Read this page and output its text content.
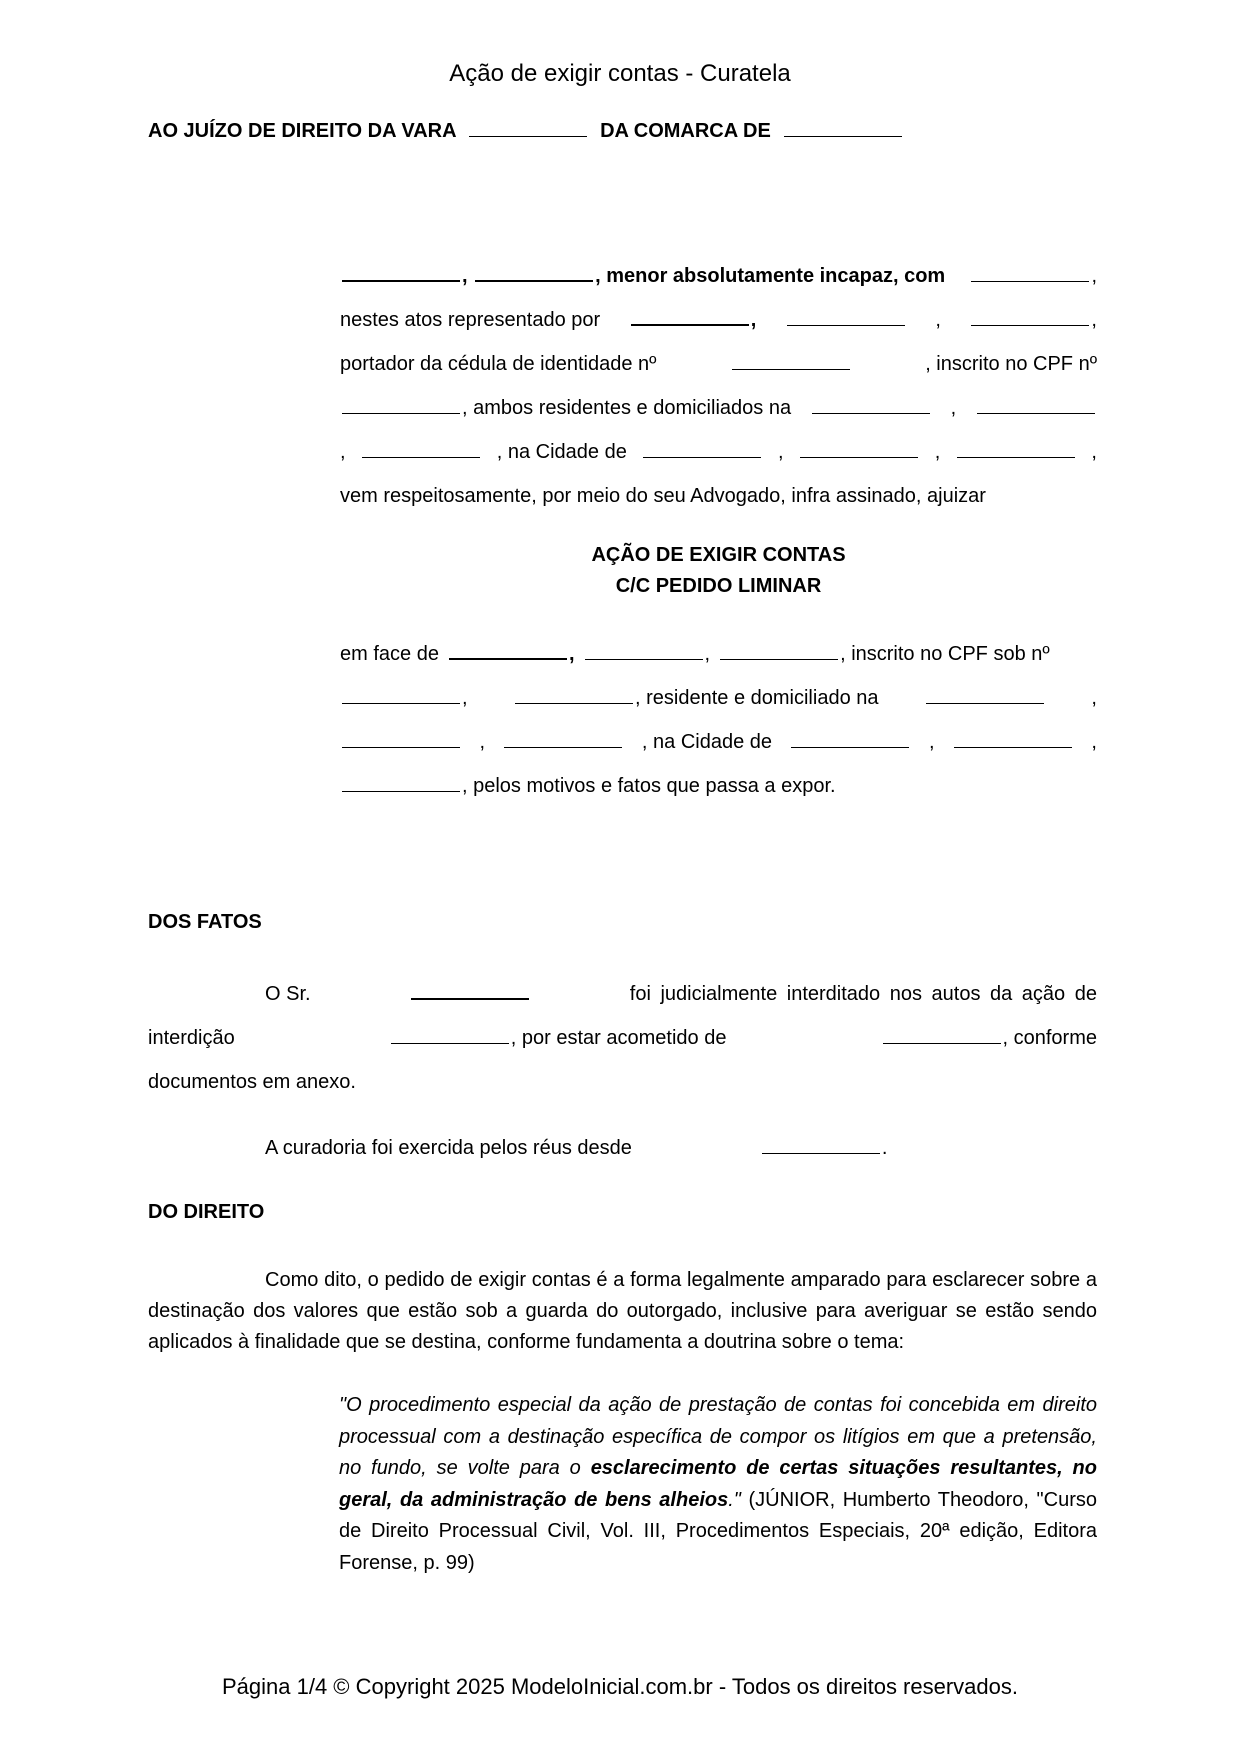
Ação de exigir contas - Curatela
AO JUÍZO DE DIREITO DA VARA	DA COMARCA DE
,	, menor absolutamente incapaz, com	,
nestes atos representado por	,	,	,
portador da cédula de identidade nº	, inscrito no CPF nº
, ambos residentes e domiciliados na	,
,	, na Cidade de	,	,	,
vem respeitosamente, por meio do seu Advogado, infra assinado, ajuizar
AÇÃO DE EXIGIR CONTAS
C/C PEDIDO LIMINAR
em face de	,	,	, inscrito no CPF sob nº
,	, residente e domiciliado na	,
,	, na Cidade de	,	,
, pelos motivos e fatos que passa a expor.
DOS FATOS
O Sr.	foi judicialmente interditado nos autos da ação de
interdição	, por estar acometido de	, conforme
documentos em anexo.
A curadoria foi exercida pelos réus desde	.
DO DIREITO
Como dito, o pedido de exigir contas é a forma legalmente amparado para esclarecer sobre a destinação dos valores que estão sob a guarda do outorgado, inclusive para averiguar se estão sendo aplicados à finalidade que se destina, conforme fundamenta a doutrina sobre o tema:
"O procedimento especial da ação de prestação de contas foi concebida em direito processual com a destinação específica de compor os litígios em que a pretensão, no fundo, se volte para o esclarecimento de certas situações resultantes, no geral, da administração de bens alheios." (JÚNIOR, Humberto Theodoro, "Curso de Direito Processual Civil, Vol. III, Procedimentos Especiais, 20ª edição, Editora Forense, p. 99)
Página 1/4 © Copyright 2025 ModeloInicial.com.br - Todos os direitos reservados.
